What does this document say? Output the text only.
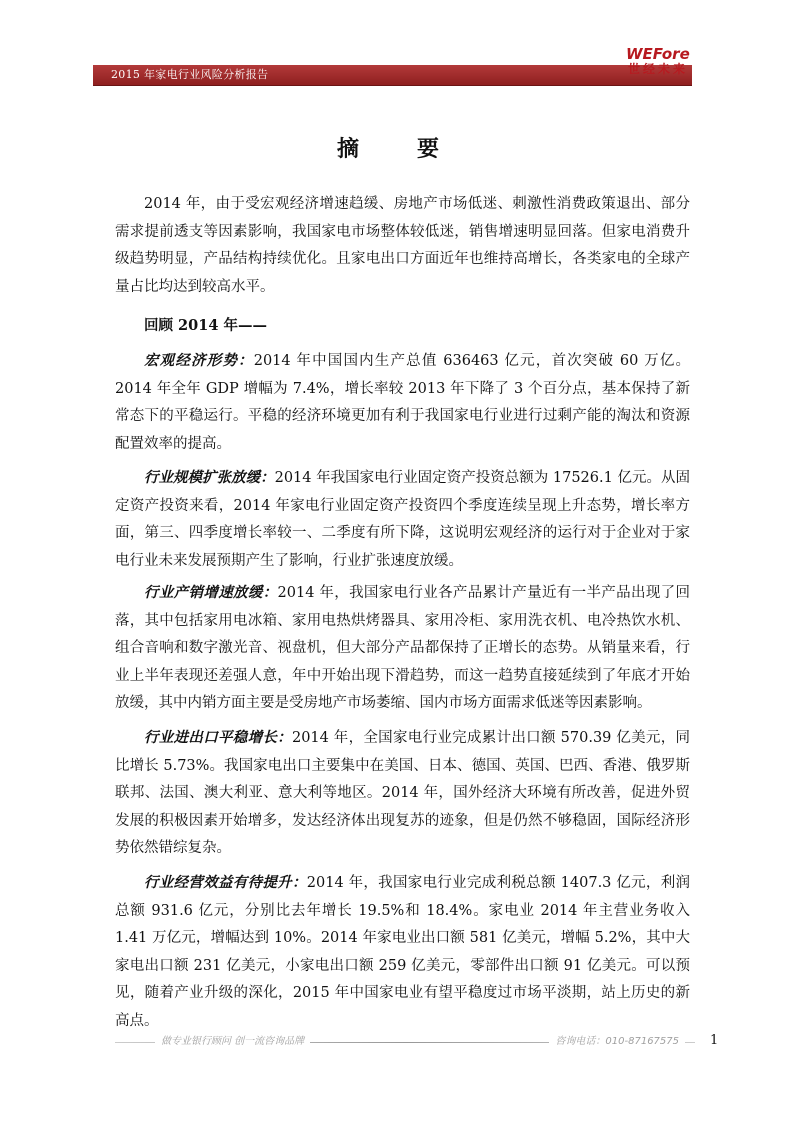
2015 年家电行业风险分析报告
WEFore
世经未来
摘　要

2014 年，由于受宏观经济增速趋缓、房地产市场低迷、刺激性消费政策退出、部分需求提前透支等因素影响，我国家电市场整体较低迷，销售增速明显回落。但家电消费升级趋势明显，产品结构持续优化。且家电出口方面近年也维持高增长，各类家电的全球产量占比均达到较高水平。

回顾 2014 年——

宏观经济形势：2014 年中国国内生产总值 636463 亿元，首次突破 60 万亿。2014 年全年 GDP 增幅为 7.4%，增长率较 2013 年下降了 3 个百分点，基本保持了新常态下的平稳运行。平稳的经济环境更加有利于我国家电行业进行过剩产能的淘汰和资源配置效率的提高。

行业规模扩张放缓：2014 年我国家电行业固定资产投资总额为 17526.1 亿元。从固定资产投资来看，2014 年家电行业固定资产投资四个季度连续呈现上升态势，增长率方面，第三、四季度增长率较一、二季度有所下降，这说明宏观经济的运行对于企业对于家电行业未来发展预期产生了影响，行业扩张速度放缓。

行业产销增速放缓：2014 年，我国家电行业各产品累计产量近有一半产品出现了回落，其中包括家用电冰箱、家用电热烘烤器具、家用冷柜、家用洗衣机、电冷热饮水机、组合音响和数字激光音、视盘机，但大部分产品都保持了正增长的态势。从销量来看，行业上半年表现还差强人意，年中开始出现下滑趋势，而这一趋势直接延续到了年底才开始放缓，其中内销方面主要是受房地产市场萎缩、国内市场方面需求低迷等因素影响。

行业进出口平稳增长：2014 年，全国家电行业完成累计出口额 570.39 亿美元，同比增长 5.73%。我国家电出口主要集中在美国、日本、德国、英国、巴西、香港、俄罗斯联邦、法国、澳大利亚、意大利等地区。2014 年，国外经济大环境有所改善，促进外贸发展的积极因素开始增多，发达经济体出现复苏的迹象，但是仍然不够稳固，国际经济形势依然错综复杂。

行业经营效益有待提升：2014 年，我国家电行业完成利税总额 1407.3 亿元，利润总额 931.6 亿元，分别比去年增长 19.5%和 18.4%。家电业 2014 年主营业务收入 1.41 万亿元，增幅达到 10%。2014 年家电业出口额 581 亿美元，增幅 5.2%，其中大家电出口额 231 亿美元，小家电出口额 259 亿美元，零部件出口额 91 亿美元。可以预见，随着产业升级的深化，2015 年中国家电业有望平稳度过市场平淡期，站上历史的新高点。

做专业银行顾问 创一流咨询品牌	咨询电话：010-87167575	1
